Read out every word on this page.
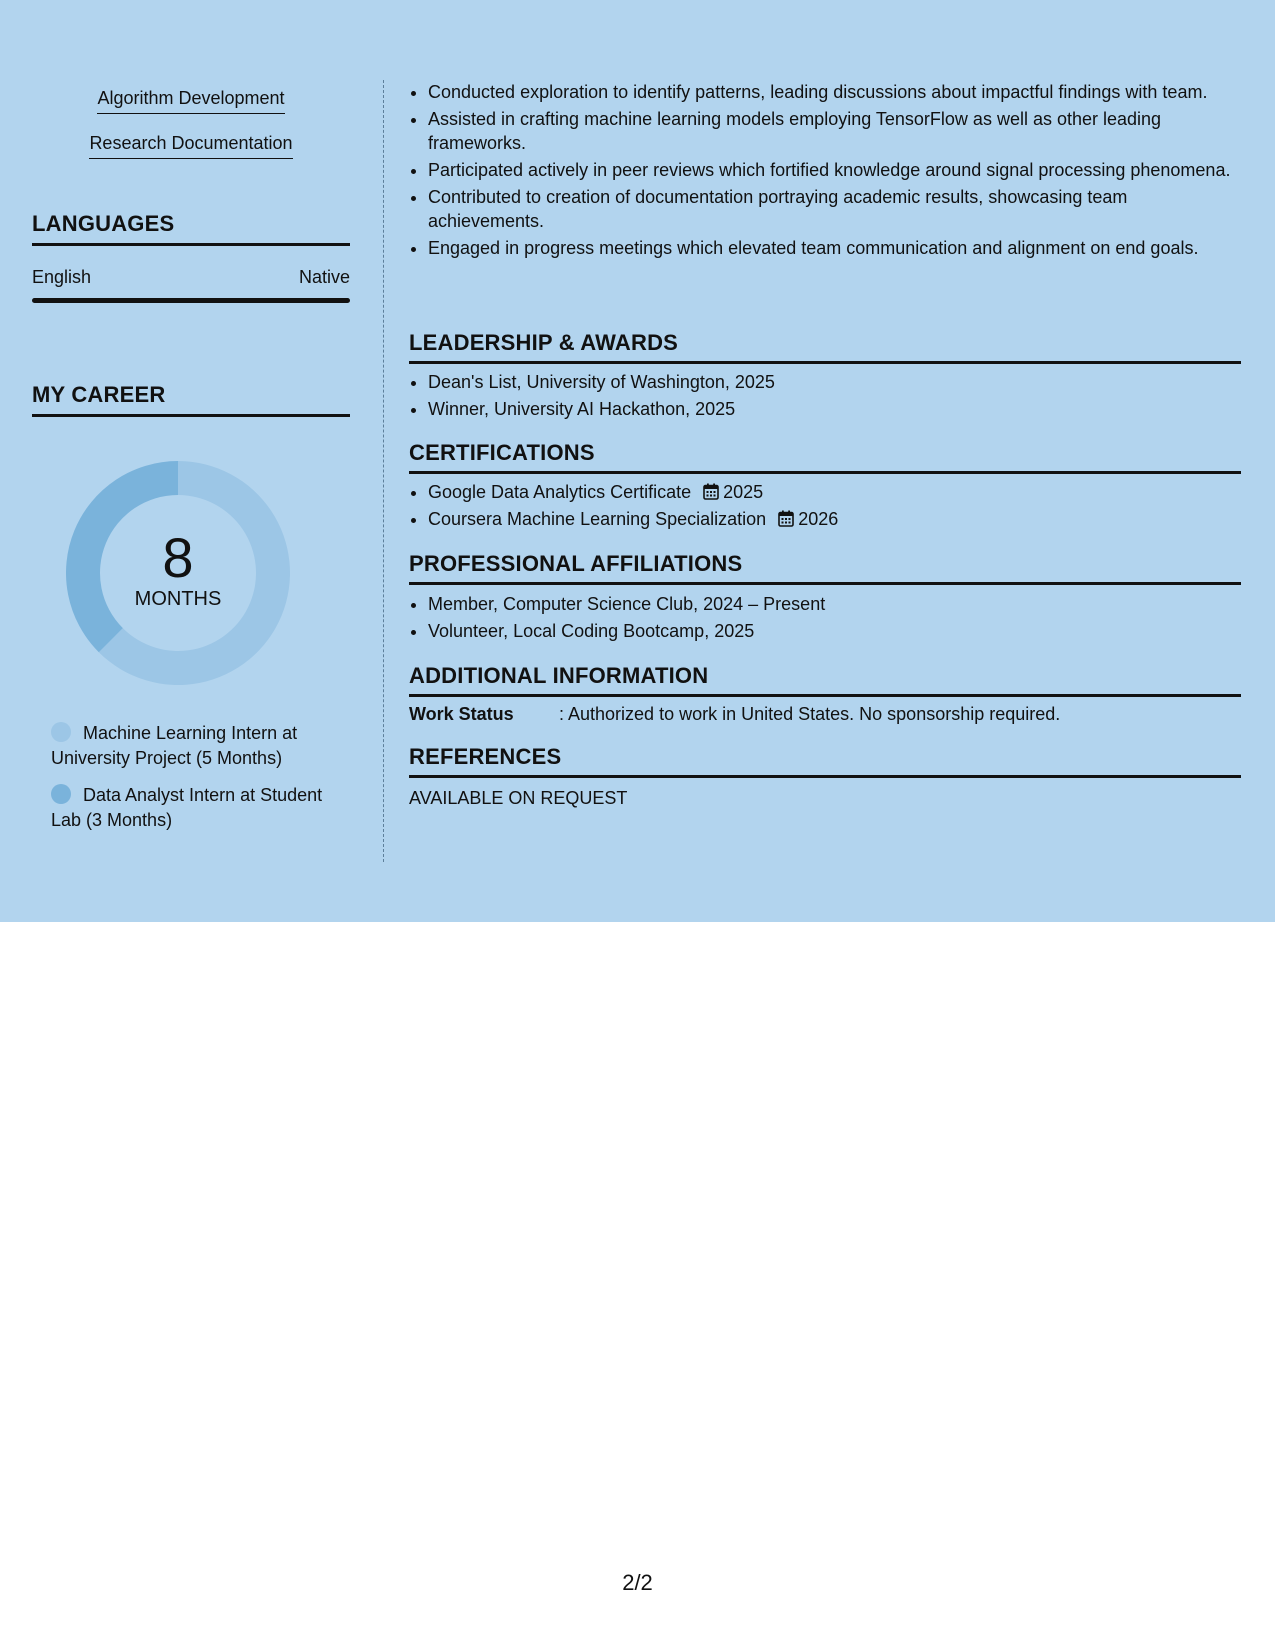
Algorithm Development
Research Documentation
LANGUAGES
English	Native
MY CAREER
8
MONTHS
Machine Learning Intern at University Project (5 Months)
Data Analyst Intern at Student Lab (3 Months)
• Conducted exploration to identify patterns, leading discussions about impactful findings with team.
• Assisted in crafting machine learning models employing TensorFlow as well as other leading frameworks.
• Participated actively in peer reviews which fortified knowledge around signal processing phenomena.
• Contributed to creation of documentation portraying academic results, showcasing team achievements.
• Engaged in progress meetings which elevated team communication and alignment on end goals.
LEADERSHIP & AWARDS
• Dean's List, University of Washington, 2025
• Winner, University AI Hackathon, 2025
CERTIFICATIONS
• Google Data Analytics Certificate 2025
• Coursera Machine Learning Specialization 2026
PROFESSIONAL AFFILIATIONS
• Member, Computer Science Club, 2024 – Present
• Volunteer, Local Coding Bootcamp, 2025
ADDITIONAL INFORMATION
Work Status	: Authorized to work in United States. No sponsorship required.
REFERENCES
AVAILABLE ON REQUEST
2/2
